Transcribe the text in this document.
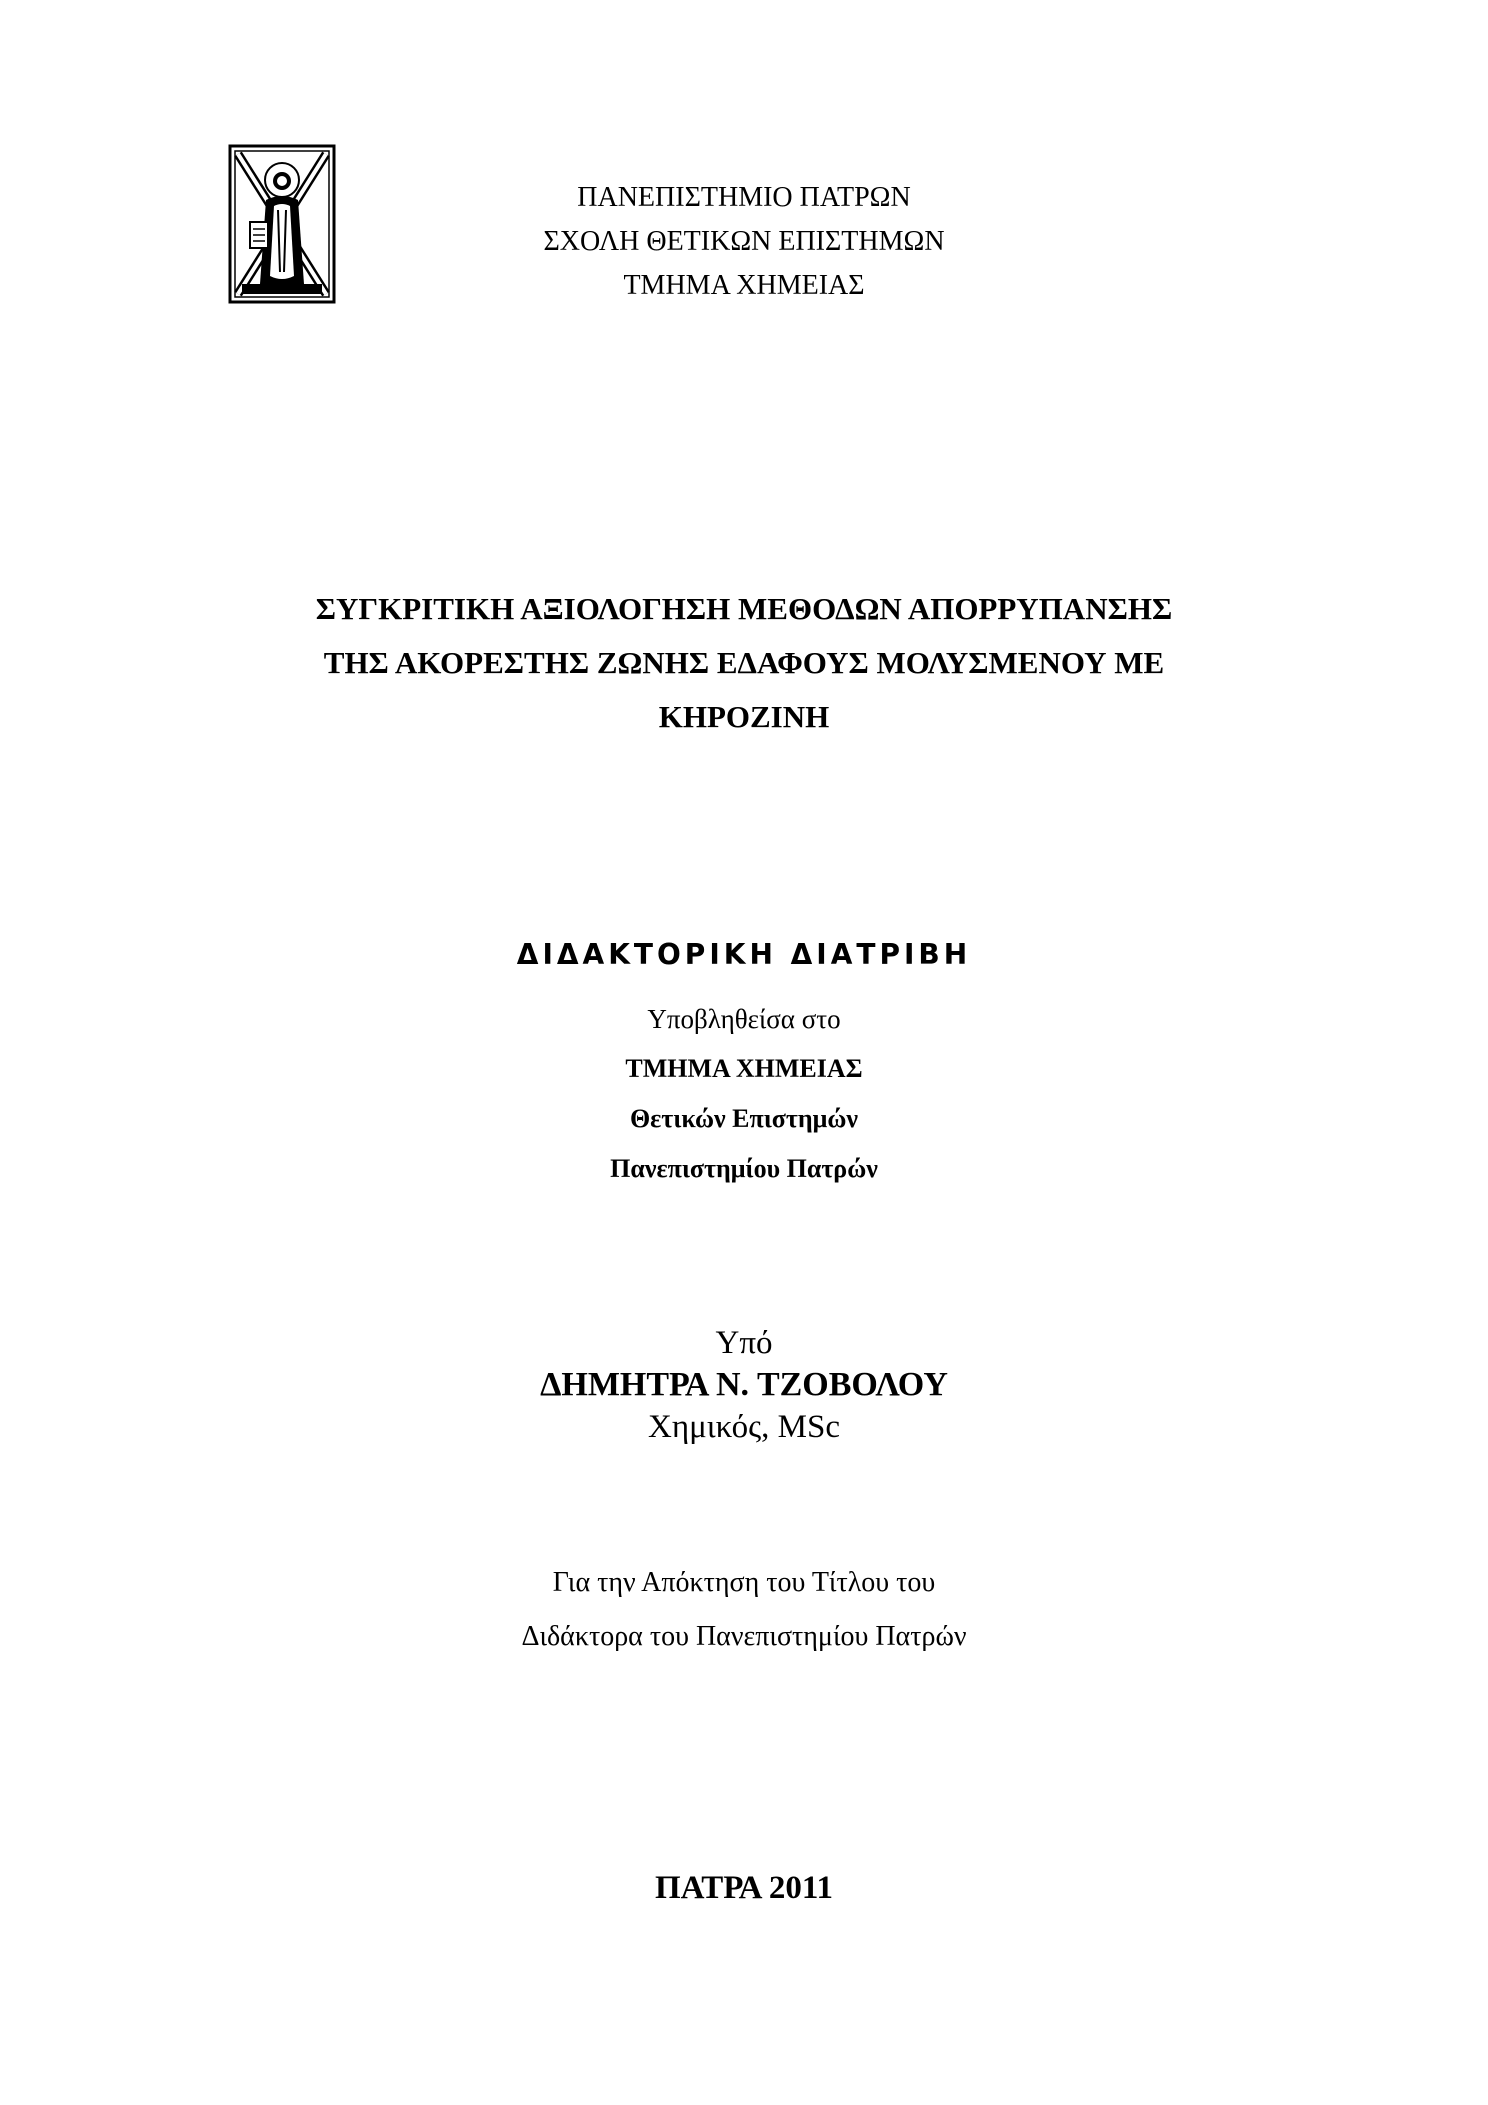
ΠΑΝΕΠΙΣΤΗΜΙΟ ΠΑΤΡΩΝ
ΣΧΟΛΗ ΘΕΤΙΚΩΝ ΕΠΙΣΤΗΜΩΝ
ΤΜΗΜΑ ΧΗΜΕΙΑΣ
ΣΥΓΚΡΙΤΙΚΗ ΑΞΙΟΛΟΓΗΣΗ ΜΕΘΟΔΩΝ ΑΠΟΡΡΥΠΑΝΣΗΣ
ΤΗΣ ΑΚΟΡΕΣΤΗΣ ΖΩΝΗΣ ΕΔΑΦΟΥΣ ΜΟΛΥΣΜΕΝΟΥ ΜΕ
ΚΗΡΟΖΙΝΗ
ΔΙΔΑΚΤΟΡΙΚΗ ΔΙΑΤΡΙΒΗ
Υποβληθείσα στο
ΤΜΗΜΑ ΧΗΜΕΙΑΣ
Θετικών Επιστημών
Πανεπιστημίου Πατρών
Υπό
ΔΗΜΗΤΡΑ Ν. ΤΖΟΒΟΛΟΥ
Χημικός, MSc
Για την Απόκτηση του Τίτλου του
Διδάκτορα του Πανεπιστημίου Πατρών
ΠΑΤΡΑ 2011
